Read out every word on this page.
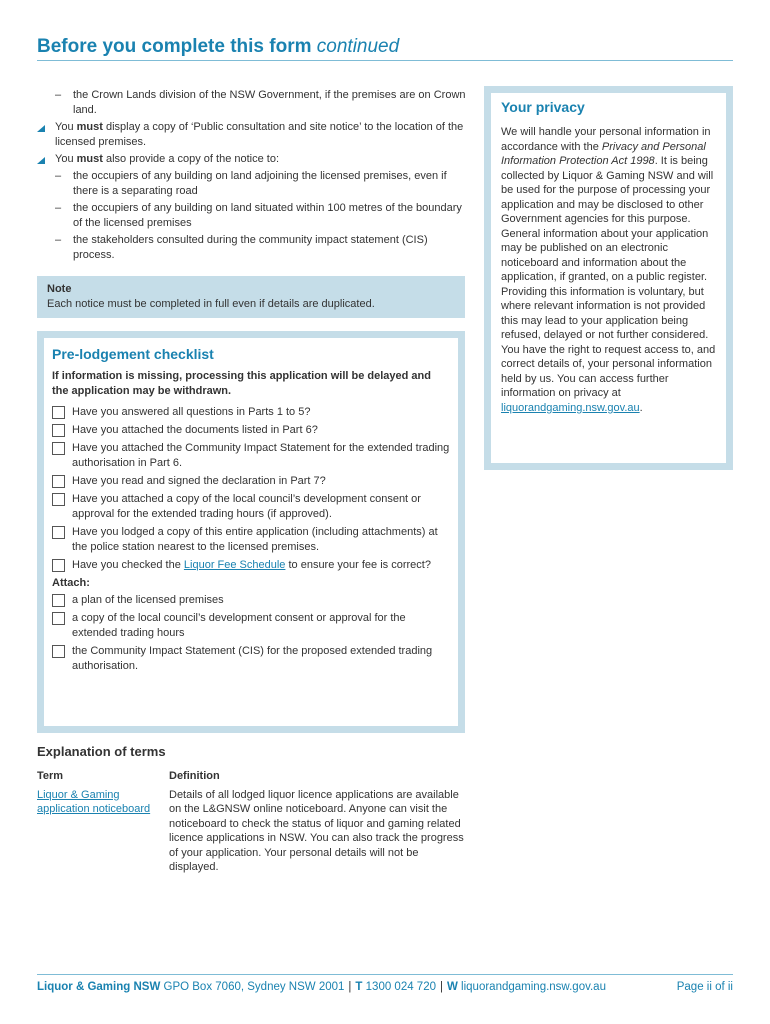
Before you complete this form continued
– the Crown Lands division of the NSW Government, if the premises are on Crown land.
You must display a copy of ‘Public consultation and site notice’ to the location of the licensed premises.
You must also provide a copy of the notice to:
– the occupiers of any building on land adjoining the licensed premises, even if there is a separating road
– the occupiers of any building on land situated within 100 metres of the boundary of the licensed premises
– the stakeholders consulted during the community impact statement (CIS) process.
Note
Each notice must be completed in full even if details are duplicated.
Pre-lodgement checklist
If information is missing, processing this application will be delayed and the application may be withdrawn.
Have you answered all questions in Parts 1 to 5?
Have you attached the documents listed in Part 6?
Have you attached the Community Impact Statement for the extended trading authorisation in Part 6.
Have you read and signed the declaration in Part 7?
Have you attached a copy of the local council’s development consent or approval for the extended trading hours (if approved).
Have you lodged a copy of this entire application (including attachments) at the police station nearest to the licensed premises.
Have you checked the Liquor Fee Schedule to ensure your fee is correct?
Attach:
a plan of the licensed premises
a copy of the local council’s development consent or approval for the extended trading hours
the Community Impact Statement (CIS) for the proposed extended trading authorisation.
Your privacy
We will handle your personal information in accordance with the Privacy and Personal Information Protection Act 1998. It is being collected by Liquor & Gaming NSW and will be used for the purpose of processing your application and may be disclosed to other Government agencies for this purpose. General information about your application may be published on an electronic noticeboard and information about the application, if granted, on a public register. Providing this information is voluntary, but where relevant information is not provided this may lead to your application being refused, delayed or not further considered. You have the right to request access to, and correct details of, your personal information held by us. You can access further information on privacy at liquorandgaming.nsw.gov.au.
Explanation of terms
Term
Liquor & Gaming application noticeboard
Definition
Details of all lodged liquor licence applications are available on the L&GNSW online noticeboard. Anyone can visit the noticeboard to check the status of liquor and gaming related licence applications in NSW. You can also track the progress of your application. Your personal details will not be displayed.
Liquor & Gaming NSW GPO Box 7060, Sydney NSW 2001 | T 1300 024 720 | W liquorandgaming.nsw.gov.au	Page ii of ii
